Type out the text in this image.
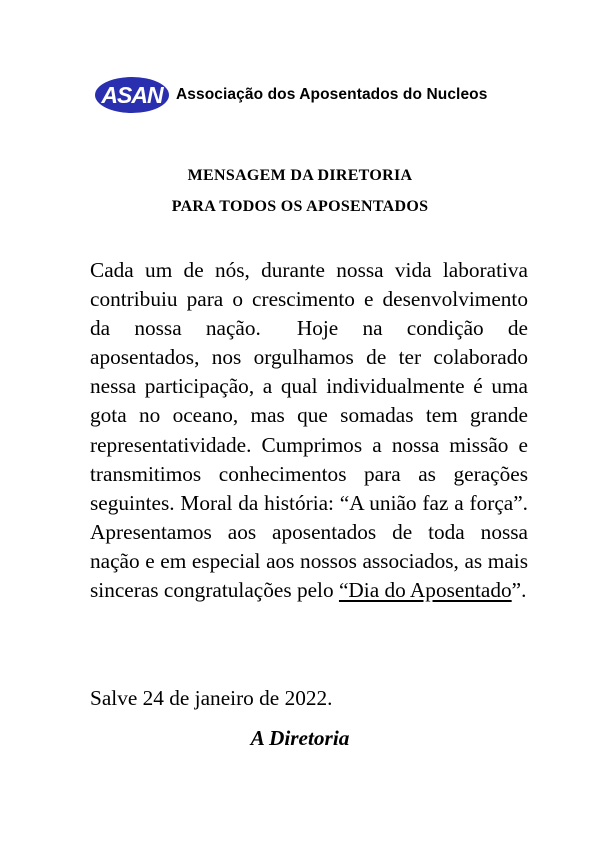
ASAN Associação dos Aposentados do Nucleos
MENSAGEM DA DIRETORIA
PARA TODOS OS APOSENTADOS
Cada um de nós, durante nossa vida laborativa contribuiu para o crescimento e desenvolvimento da nossa nação. Hoje na condição de aposentados, nos orgulhamos de ter colaborado nessa participação, a qual individualmente é uma gota no oceano, mas que somadas tem grande representatividade. Cumprimos a nossa missão e transmitimos conhecimentos para as gerações seguintes. Moral da história: “A união faz a força”. Apresentamos aos aposentados de toda nossa nação e em especial aos nossos associados, as mais sinceras congratulações pelo “Dia do Aposentado”.
Salve 24 de janeiro de 2022.
A Diretoria
